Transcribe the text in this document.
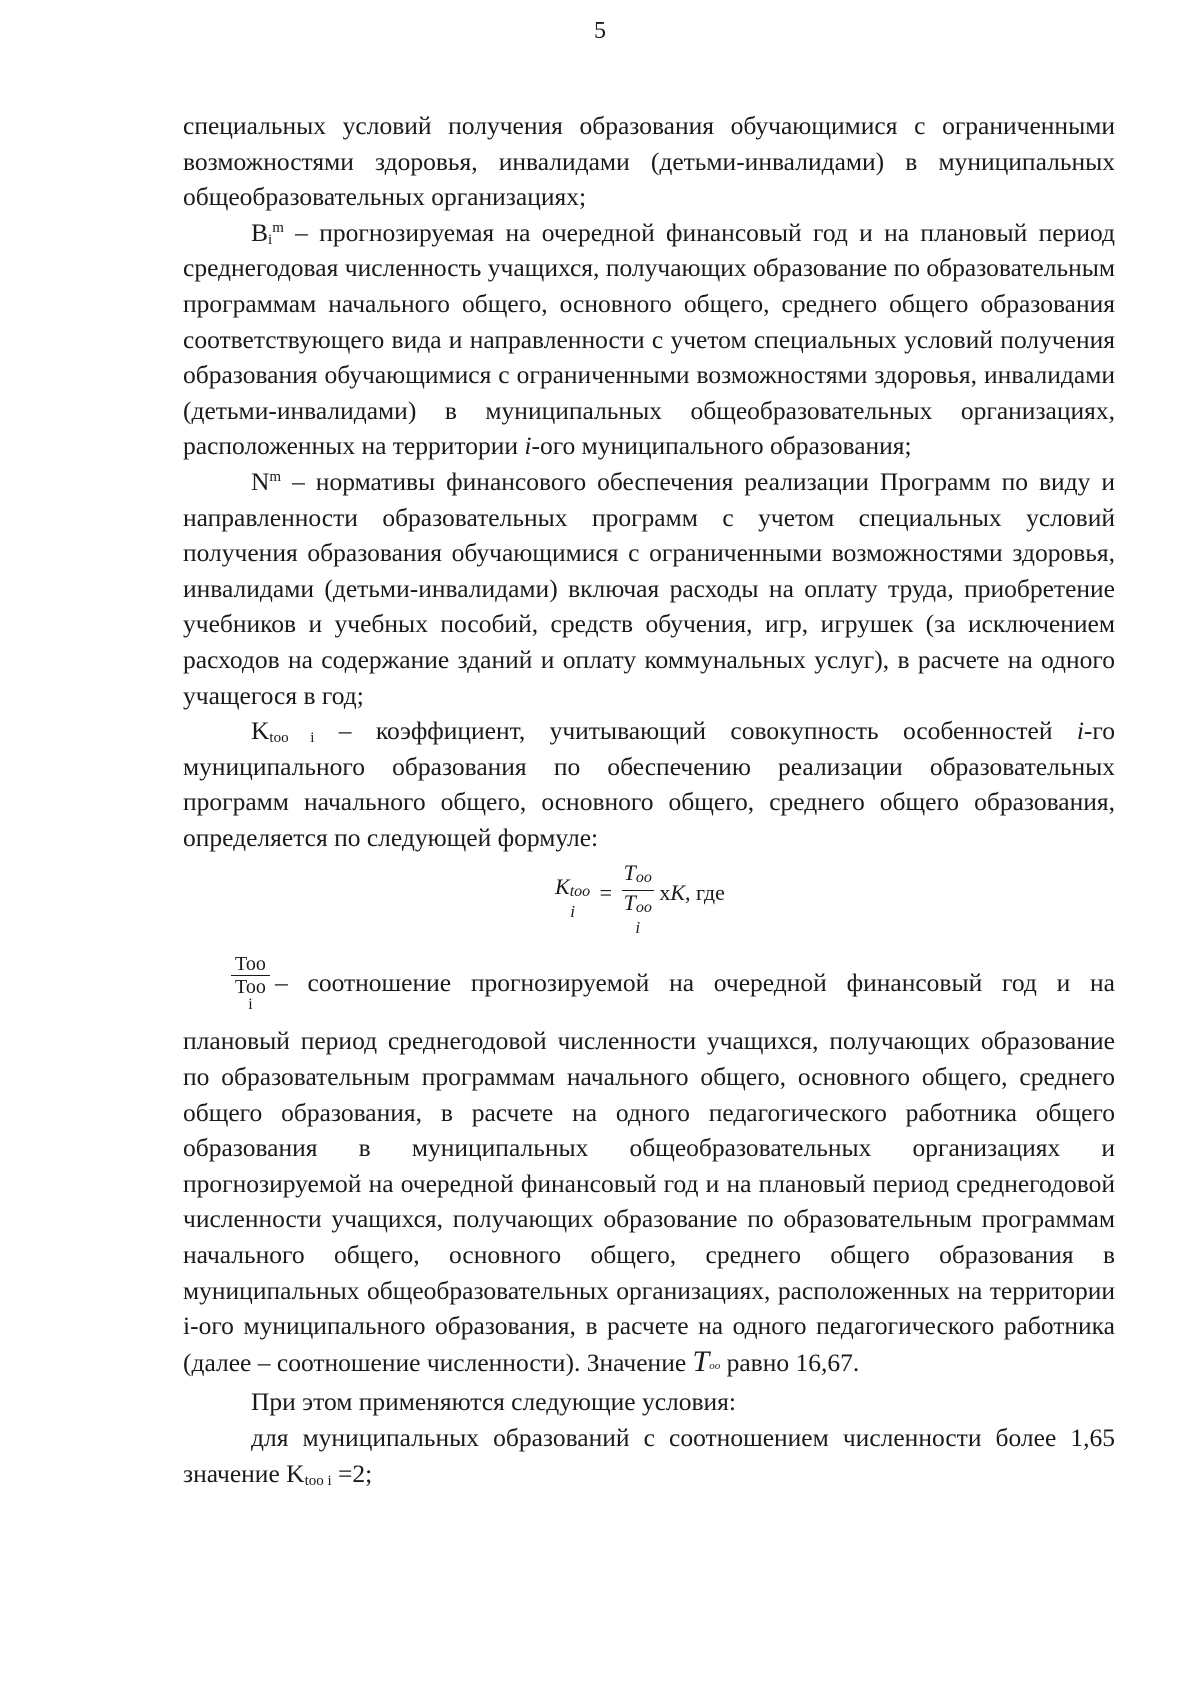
5

специальных условий получения образования обучающимися с ограниченными возможностями здоровья, инвалидами (детьми-инвалидами) в муниципальных общеобразовательных организациях;

$B_i^m$ – прогнозируемая на очередной финансовый год и на плановый период среднегодовая численность учащихся, получающих образование по образовательным программам начального общего, основного общего, среднего общего образования соответствующего вида и направленности с учетом специальных условий получения образования обучающимися с ограниченными возможностями здоровья, инвалидами (детьми-инвалидами) в муниципальных общеобразовательных организациях, расположенных на территории i-ого муниципального образования;

$N^m$ – нормативы финансового обеспечения реализации Программ по виду и направленности образовательных программ с учетом специальных условий получения образования обучающимися с ограниченными возможностями здоровья, инвалидами (детьми-инвалидами) включая расходы на оплату труда, приобретение учебников и учебных пособий, средств обучения, игр, игрушек (за исключением расходов на содержание зданий и оплату коммунальных услуг), в расчете на одного учащегося в год;

$K_{too i}$ – коэффициент, учитывающий совокупность особенностей i-го муниципального образования по обеспечению реализации образовательных программ начального общего, основного общего, среднего общего образования, определяется по следующей формуле:

$K_{too}$
i
=
$T_{oo}$
$T_{oo}$
i
xK, где
Too
Too
i
– соотношение прогнозируемой на очередной финансовый год и на

плановый период среднегодовой численности учащихся, получающих образование по образовательным программам начального общего, основного общего, среднего общего образования, в расчете на одного педагогического работника общего образования в муниципальных общеобразовательных организациях и прогнозируемой на очередной финансовый год и на плановый период среднегодовой численности учащихся, получающих образование по образовательным программам начального общего, основного общего, среднего общего образования в муниципальных общеобразовательных организациях, расположенных на территории i-ого муниципального образования, в расчете на одного педагогического работника (далее – соотношение численности). Значение $T_{oo}$ равно 16,67.

При этом применяются следующие условия:

для муниципальных образований с соотношением численности более 1,65 значение $K_{too i} =2$;
